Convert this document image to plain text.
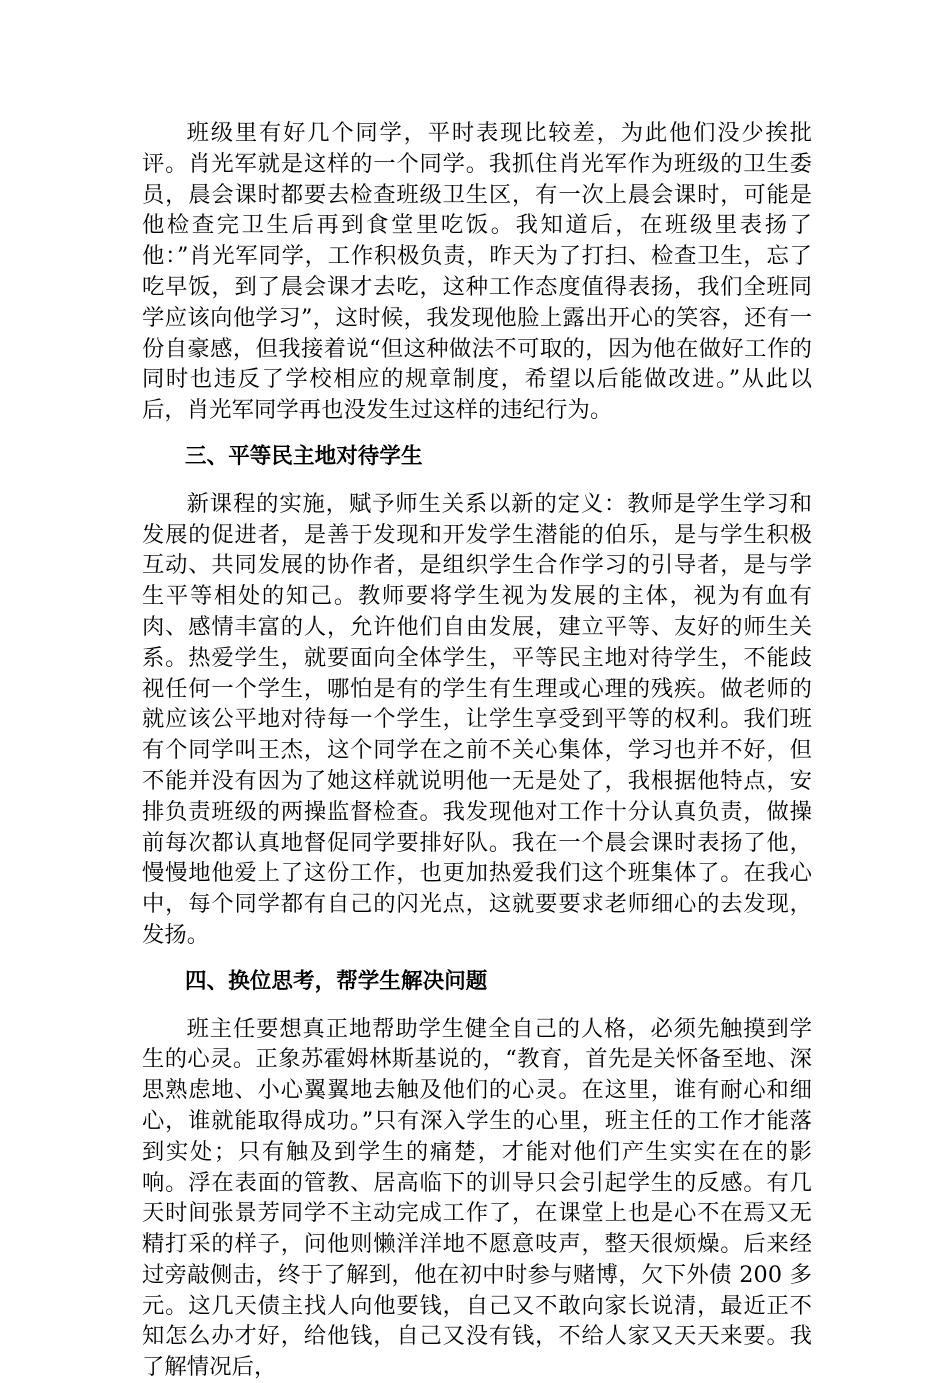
班级里有好几个同学，平时表现比较差，为此他们没少挨批评。肖光军就是这样的一个同学。我抓住肖光军作为班级的卫生委员，晨会课时都要去检查班级卫生区，有一次上晨会课时，可能是他检查完卫生后再到食堂里吃饭。我知道后，在班级里表扬了他：”肖光军同学，工作积极负责，昨天为了打扫、检查卫生，忘了吃早饭，到了晨会课才去吃，这种工作态度值得表扬，我们全班同学应该向他学习”，这时候，我发现他脸上露出开心的笑容，还有一份自豪感，但我接着说“但这种做法不可取的，因为他在做好工作的同时也违反了学校相应的规章制度，希望以后能做改进。”从此以后，肖光军同学再也没发生过这样的违纪行为。

三、平等民主地对待学生

新课程的实施，赋予师生关系以新的定义：教师是学生学习和发展的促进者，是善于发现和开发学生潜能的伯乐，是与学生积极互动、共同发展的协作者，是组织学生合作学习的引导者，是与学生平等相处的知己。教师要将学生视为发展的主体，视为有血有肉、感情丰富的人，允许他们自由发展，建立平等、友好的师生关系。热爱学生，就要面向全体学生，平等民主地对待学生，不能歧视任何一个学生，哪怕是有的学生有生理或心理的残疾。做老师的就应该公平地对待每一个学生，让学生享受到平等的权利。我们班有个同学叫王杰，这个同学在之前不关心集体，学习也并不好，但不能并没有因为了她这样就说明他一无是处了，我根据他特点，安排负责班级的两操监督检查。我发现他对工作十分认真负责，做操前每次都认真地督促同学要排好队。我在一个晨会课时表扬了他，慢慢地他爱上了这份工作，也更加热爱我们这个班集体了。在我心中，每个同学都有自己的闪光点，这就要要求老师细心的去发现，发扬。

四、换位思考，帮学生解决问题

班主任要想真正地帮助学生健全自己的人格，必须先触摸到学生的心灵。正象苏霍姆林斯基说的，“教育，首先是关怀备至地、深思熟虑地、小心翼翼地去触及他们的心灵。在这里，谁有耐心和细心，谁就能取得成功。”只有深入学生的心里，班主任的工作才能落到实处；只有触及到学生的痛楚，才能对他们产生实实在在的影响。浮在表面的管教、居高临下的训导只会引起学生的反感。有几天时间张景芳同学不主动完成工作了，在课堂上也是心不在焉又无精打采的样子，问他则懒洋洋地不愿意吱声，整天很烦燥。后来经过旁敲侧击，终于了解到，他在初中时参与赌博，欠下外债 200 多元。这几天债主找人向他要钱，自己又不敢向家长说清，最近正不知怎么办才好，给他钱，自己又没有钱，不给人家又天天来要。我了解情况后，
